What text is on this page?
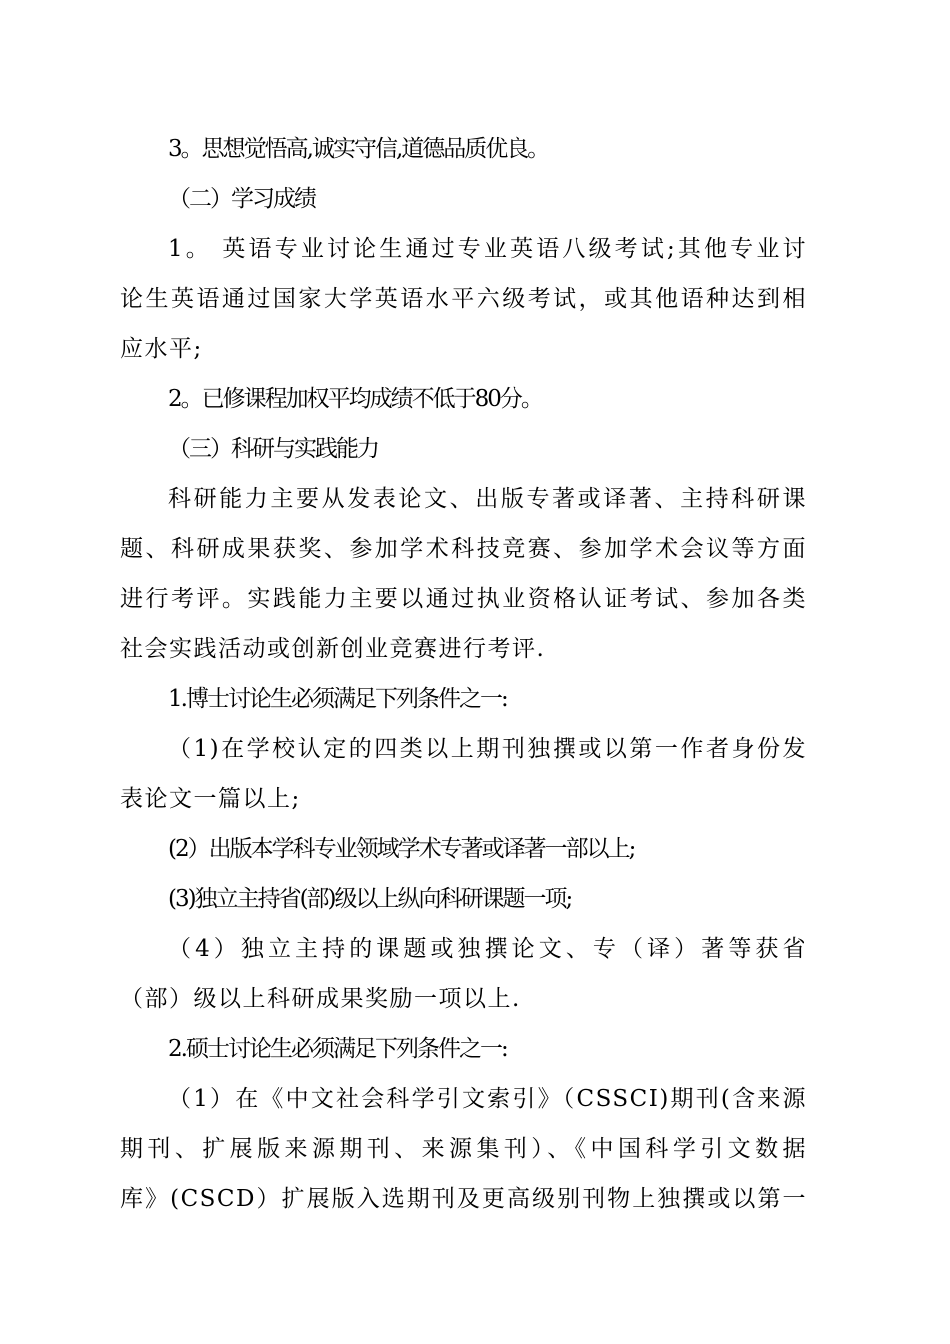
3。思想觉悟高,诚实守信,道德品质优良。
（二）学习成绩
1。 英语专业讨论生通过专业英语八级考试;其他专业讨
论生英语通过国家大学英语水平六级考试，或其他语种达到相
应水平;
2。已修课程加权平均成绩不低于80分。
（三）科研与实践能力
科研能力主要从发表论文、出版专著或译著、主持科研课
题、科研成果获奖、参加学术科技竞赛、参加学术会议等方面
进行考评。实践能力主要以通过执业资格认证考试、参加各类
社会实践活动或创新创业竞赛进行考评.
1.博士讨论生必须满足下列条件之一:
（1)在学校认定的四类以上期刊独撰或以第一作者身份发
表论文一篇以上;
(2）出版本学科专业领域学术专著或译著一部以上;
(3)独立主持省(部)级以上纵向科研课题一项;
（4）独立主持的课题或独撰论文、专（译）著等获省
（部）级以上科研成果奖励一项以上.
2.硕士讨论生必须满足下列条件之一:
（1）在《中文社会科学引文索引》（CSSCI)期刊(含来源
期刊、扩展版来源期刊、来源集刊）、《中国科学引文数据
库》(CSCD）扩展版入选期刊及更高级别刊物上独撰或以第一
